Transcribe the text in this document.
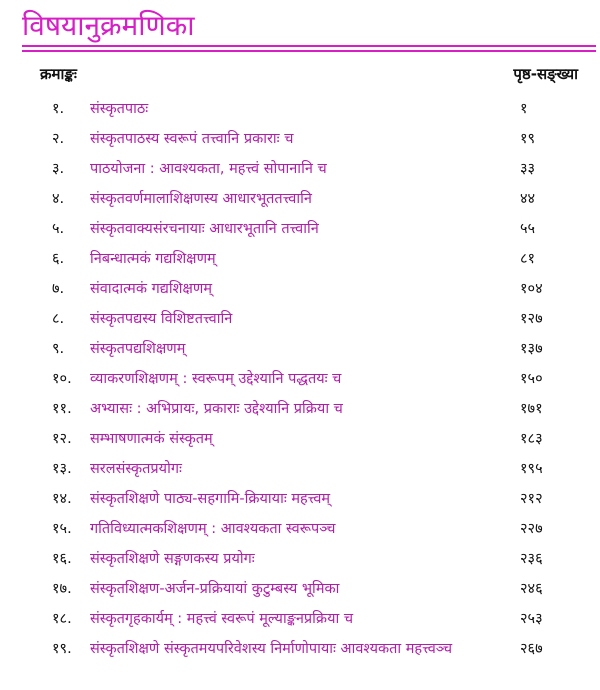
विषयानुक्रमणिका
क्रमाङ्कः	पृष्ठ-सङ्ख्या
१.	संस्कृतपाठः	१
२.	संस्कृतपाठस्य स्वरूपं तत्त्वानि प्रकाराः च	१९
३.	पाठयोजना : आवश्यकता, महत्त्वं सोपानानि च	३३
४.	संस्कृतवर्णमालाशिक्षणस्य आधारभूततत्त्वानि	४४
५.	संस्कृतवाक्यसंरचनायाः आधारभूतानि तत्त्वानि	५५
६.	निबन्धात्मकं गद्यशिक्षणम्	८१
७.	संवादात्मकं गद्यशिक्षणम्	१०४
८.	संस्कृतपद्यस्य विशिष्टतत्त्वानि	१२७
९.	संस्कृतपद्यशिक्षणम्	१३७
१०.	व्याकरणशिक्षणम् : स्वरूपम् उद्देश्यानि पद्धतयः च	१५०
११.	अभ्यासः : अभिप्रायः, प्रकाराः उद्देश्यानि प्रक्रिया च	१७१
१२.	सम्भाषणात्मकं संस्कृतम्	१८३
१३.	सरलसंस्कृतप्रयोगः	१९५
१४.	संस्कृतशिक्षणे पाठ्य-सहगामि-क्रियायाः महत्त्वम्	२१२
१५.	गतिविध्यात्मकशिक्षणम् : आवश्यकता स्वरूपञ्च	२२७
१६.	संस्कृतशिक्षणे सङ्गणकस्य प्रयोगः	२३६
१७.	संस्कृतशिक्षण-अर्जन-प्रक्रियायां कुटुम्बस्य भूमिका	२४६
१८.	संस्कृतगृहकार्यम् : महत्त्वं स्वरूपं मूल्याङ्कनप्रक्रिया च	२५३
१९.	संस्कृतशिक्षणे संस्कृतमयपरिवेशस्य निर्माणोपायाः आवश्यकता महत्त्वञ्च	२६७
